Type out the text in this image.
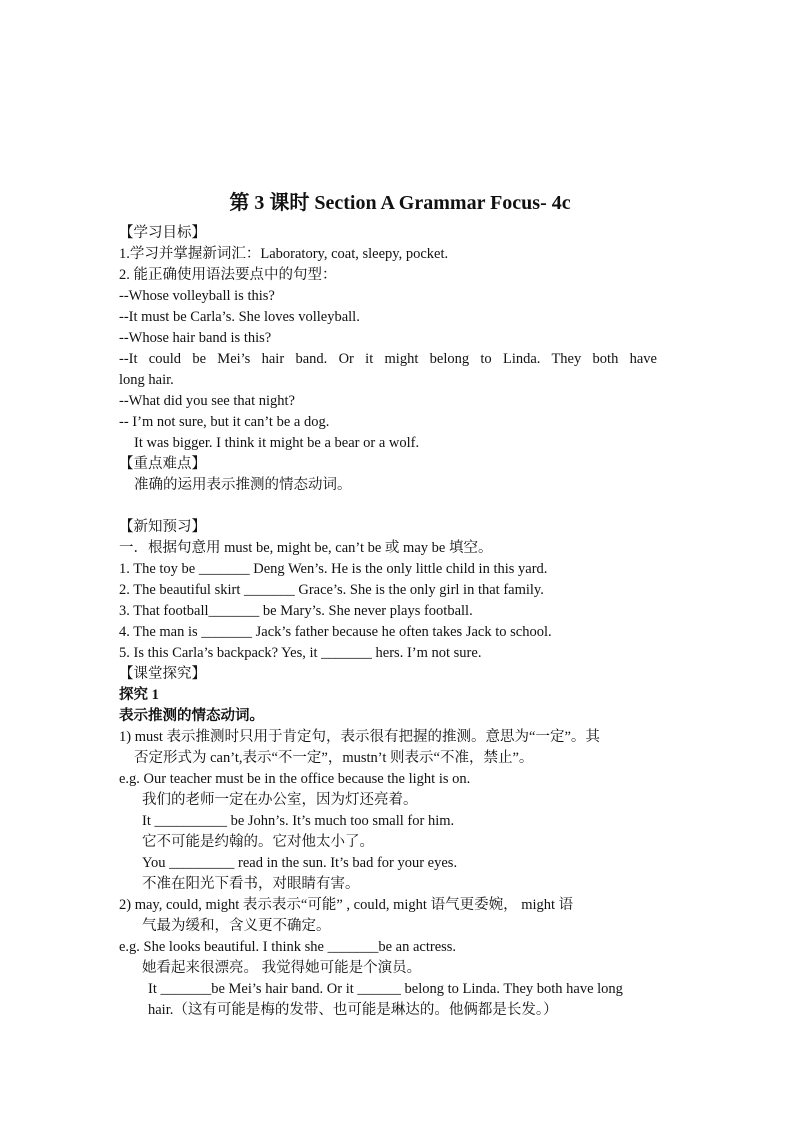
第 3 课时 Section A Grammar Focus- 4c
【学习目标】
1.学习并掌握新词汇：Laboratory, coat, sleepy, pocket.
2. 能正确使用语法要点中的句型：
--Whose volleyball is this?
--It must be Carla’s. She loves volleyball.
--Whose hair band is this?
--It could be Mei’s hair band. Or it might belong to Linda. They both have
long hair.
--What did you see that night?
-- I’m not sure, but it can’t be a dog.
It was bigger. I think it might be a bear or a wolf.
【重点难点】
准确的运用表示推测的情态动词。
【新知预习】
一．根据句意用 must be, might be, can’t be 或 may be 填空。
1. The toy be _______ Deng Wen’s. He is the only little child in this yard.
2. The beautiful skirt _______ Grace’s. She is the only girl in that family.
3. That football_______ be Mary’s. She never plays football.
4. The man is _______ Jack’s father because he often takes Jack to school.
5. Is this Carla’s backpack? Yes, it _______ hers. I’m not sure.
【课堂探究】
探究 1
表示推测的情态动词。
1) must 表示推测时只用于肯定句，表示很有把握的推测。意思为“一定”。其
否定形式为 can’t,表示“不一定”，mustn’t 则表示“不准，禁止”。
e.g. Our teacher must be in the office because the light is on.
我们的老师一定在办公室，因为灯还亮着。
It __________ be John’s. It’s much too small for him.
它不可能是约翰的。它对他太小了。
You _________ read in the sun. It’s bad for your eyes.
不准在阳光下看书，对眼睛有害。
2) may, could, might 表示表示“可能” , could, might 语气更委婉， might 语
气最为缓和，含义更不确定。
e.g. She looks beautiful. I think she _______be an actress.
她看起来很漂亮。 我觉得她可能是个演员。
It _______be Mei’s hair band. Or it ______ belong to Linda. They both have long
hair.（这有可能是梅的发带、也可能是琳达的。他俩都是长发。）
